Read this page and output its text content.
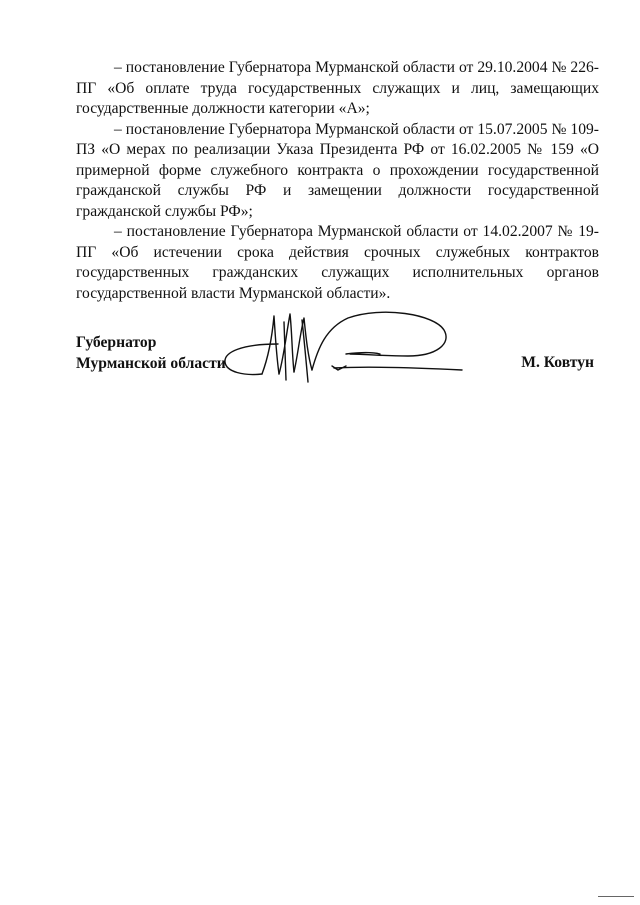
– постановление Губернатора Мурманской области от 29.10.2004 № 226-ПГ «Об оплате труда государственных служащих и лиц, замещающих государственные должности категории «А»;

– постановление Губернатора Мурманской области от 15.07.2005 № 109-ПЗ «О мерах по реализации Указа Президента РФ от 16.02.2005 № 159 «О примерной форме служебного контракта о прохождении государственной гражданской службы РФ и замещении должности государственной гражданской службы РФ»;

– постановление Губернатора Мурманской области от 14.02.2007 № 19-ПГ «Об истечении срока действия срочных служебных контрактов государственных гражданских служащих исполнительных органов государственной власти Мурманской области».

Губернатор
Мурманской области	М. Ковтун
